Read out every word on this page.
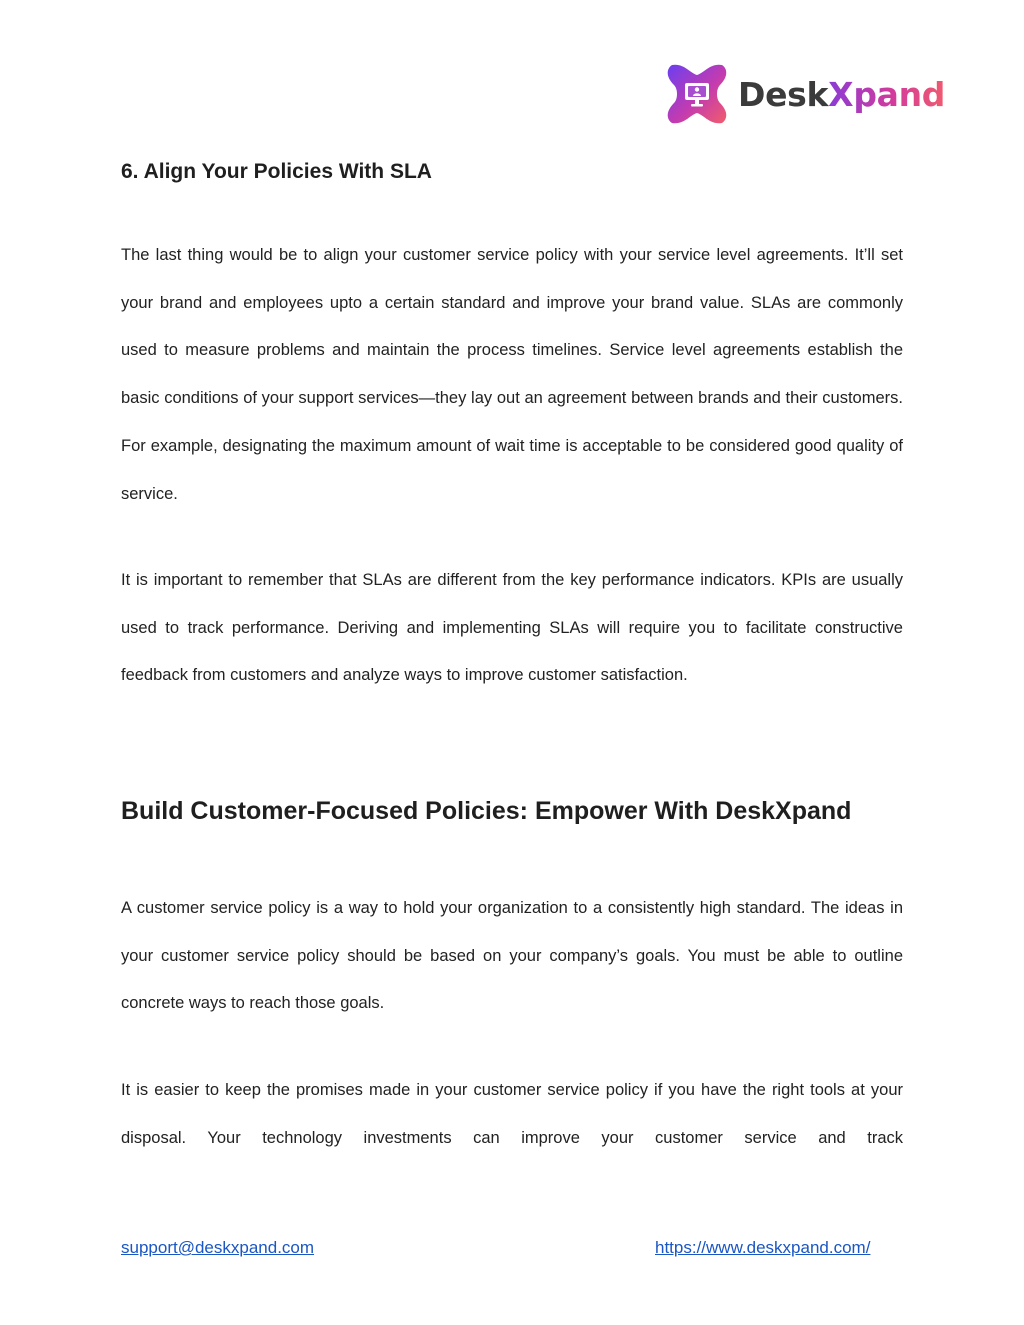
DeskXpand
6. Align Your Policies With SLA

The last thing would be to align your customer service policy with your service level agreements. It’ll set your brand and employees upto a certain standard and improve your brand value. SLAs are commonly used to measure problems and maintain the process timelines. Service level agreements establish the basic conditions of your support services—they lay out an agreement between brands and their customers. For example, designating the maximum amount of wait time is acceptable to be considered good quality of service.

It is important to remember that SLAs are different from the key performance indicators. KPIs are usually used to track performance. Deriving and implementing SLAs will require you to facilitate constructive feedback from customers and analyze ways to improve customer satisfaction.

Build Customer-Focused Policies: Empower With DeskXpand

A customer service policy is a way to hold your organization to a consistently high standard. The ideas in your customer service policy should be based on your company’s goals. You must be able to outline concrete ways to reach those goals.

It is easier to keep the promises made in your customer service policy if you have the right tools at your disposal. Your technology investments can improve your customer service and track

support@deskxpand.com	https://www.deskxpand.com/
